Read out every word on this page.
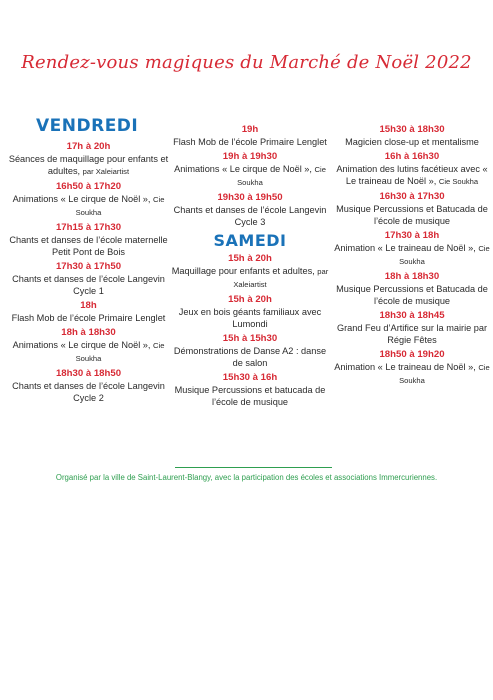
Rendez-vous magiques du Marché de Noël 2022
VENDREDI
17h à 20h
Séances de maquillage pour enfants et adultes, par Xaleiartist
16h50 à 17h20
Animations « Le cirque de Noël », Cie Soukha
17h15 à 17h30
Chants et danses de l’école maternelle Petit Pont de Bois
17h30 à 17h50
Chants et danses de l’école Langevin Cycle 1
18h
Flash Mob de l’école Primaire Lenglet
18h à 18h30
Animations « Le cirque de Noël », Cie Soukha
18h30 à 18h50
Chants et danses de l’école Langevin Cycle 2
19h
Flash Mob de l’école Primaire Lenglet
19h à 19h30
Animations « Le cirque de Noël », Cie Soukha
19h30 à 19h50
Chants et danses de l’école Langevin Cycle 3
SAMEDI
15h à 20h
Maquillage pour enfants et adultes, par Xaleiartist
15h à 20h
Jeux en bois géants familiaux avec Lumondi
15h à 15h30
Démonstrations de Danse A2 : danse de salon
15h30 à 16h
Musique Percussions et batucada de l’école de musique
15h30 à 18h30
Magicien close-up et mentalisme
16h à 16h30
Animation des lutins facétieux avec « Le traineau de Noël », Cie Soukha
16h30 à 17h30
Musique Percussions et Batucada de l’école de musique
17h30 à 18h
Animation « Le traineau de Noël », Cie Soukha
18h à 18h30
Musique Percussions et Batucada de l’école de musique
18h30 à 18h45
Grand Feu d’Artifice sur la mairie par Régie Fêtes
18h50 à 19h20
Animation « Le traineau de Noël », Cie Soukha
Organisé par la ville de Saint-Laurent-Blangy, avec la participation des écoles et associations Immercuriennes.
